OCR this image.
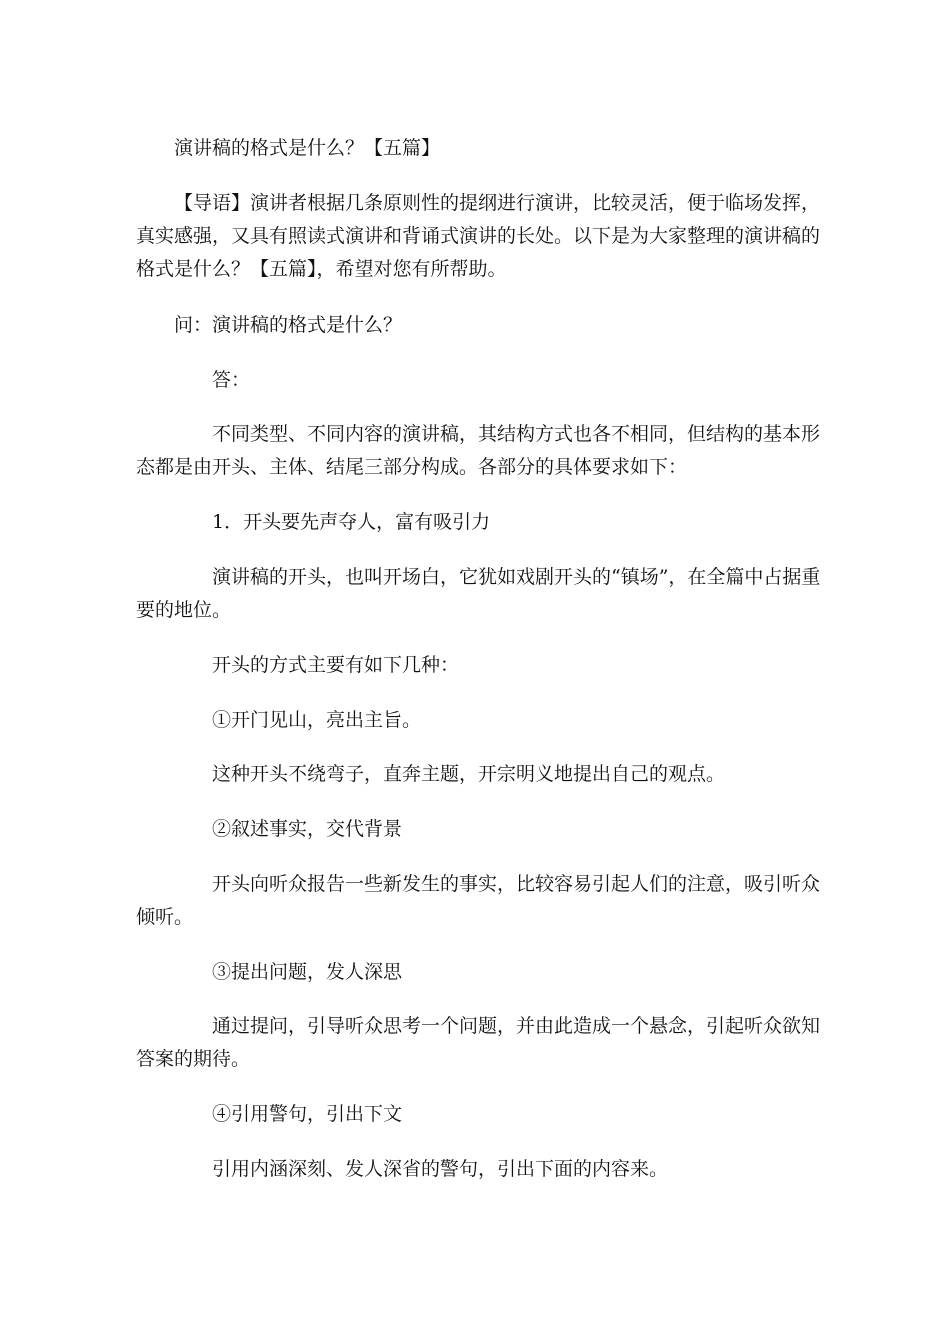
演讲稿的格式是什么？【五篇】
【导语】演讲者根据几条原则性的提纲进行演讲，比较灵活，便于临场发挥，真实感强，又具有照读式演讲和背诵式演讲的长处。以下是为大家整理的演讲稿的格式是什么？【五篇】，希望对您有所帮助。
问：演讲稿的格式是什么？
答：
不同类型、不同内容的演讲稿，其结构方式也各不相同，但结构的基本形态都是由开头、主体、结尾三部分构成。各部分的具体要求如下：
1．开头要先声夺人，富有吸引力
演讲稿的开头，也叫开场白，它犹如戏剧开头的“镇场”，在全篇中占据重要的地位。
开头的方式主要有如下几种：
①开门见山，亮出主旨。
这种开头不绕弯子，直奔主题，开宗明义地提出自己的观点。
②叙述事实，交代背景
开头向听众报告一些新发生的事实，比较容易引起人们的注意，吸引听众倾听。
③提出问题，发人深思
通过提问，引导听众思考一个问题，并由此造成一个悬念，引起听众欲知答案的期待。
④引用警句，引出下文
引用内涵深刻、发人深省的警句，引出下面的内容来。
